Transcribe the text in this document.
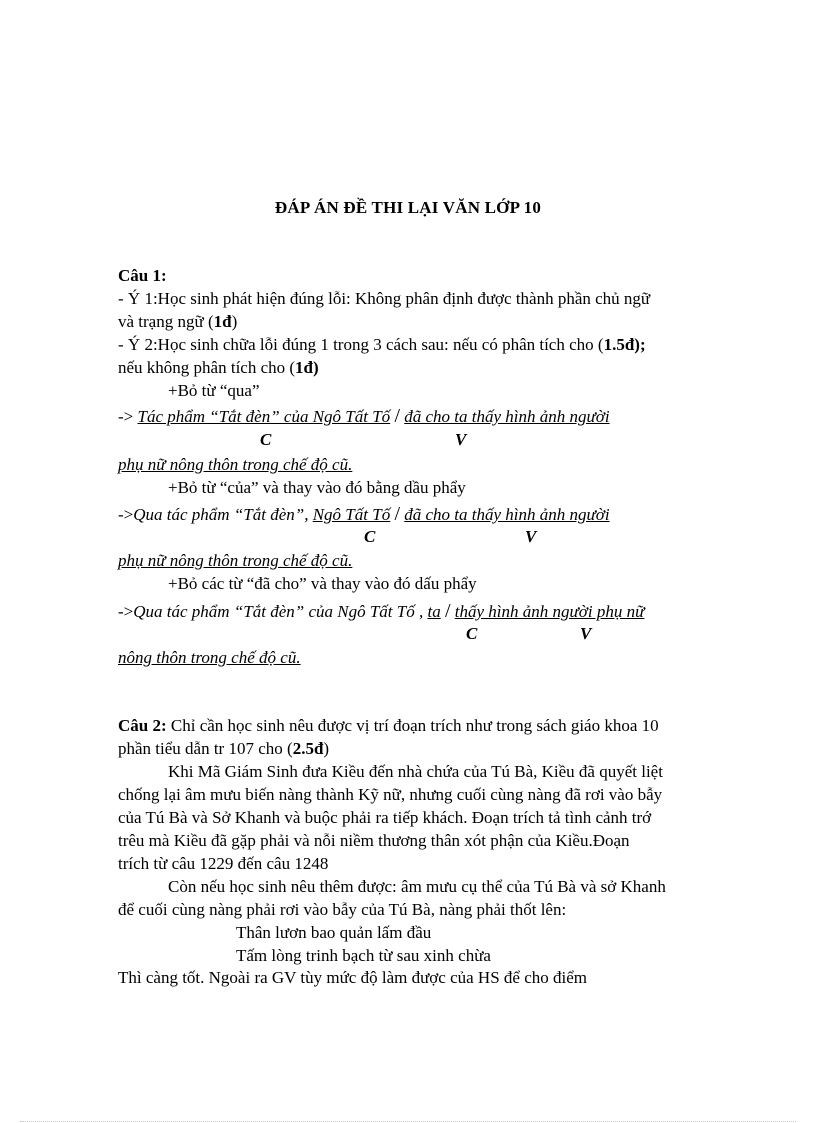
ĐÁP ÁN ĐỀ THI LẠI VĂN LỚP 10
Câu 1:
- Ý 1:Học sinh phát hiện đúng lỗi: Không phân định được thành phần chủ ngữ
và trạng ngữ (1đ)
- Ý 2:Học sinh chữa lỗi đúng 1 trong 3 cách sau: nếu có phân tích cho (1.5đ);
nếu không phân tích cho (1đ)
+Bỏ từ “qua”
-> Tác phẩm “Tắt đèn” của Ngô Tất Tố / đã cho ta thấy hình ảnh người
C	V
phụ nữ nông thôn trong chế độ cũ.
+Bỏ từ “của” và thay vào đó bằng dầu phẩy
->Qua tác phẩm “Tắt đèn”, Ngô Tất Tố / đã cho ta thấy hình ảnh người
C	V
phụ nữ nông thôn trong chế độ cũ.
+Bỏ các từ “đã cho” và thay vào đó dấu phẩy
->Qua tác phẩm “Tắt đèn” của Ngô Tất Tố , ta / thấy hình ảnh người phụ nữ
C	V
nông thôn trong chế độ cũ.
Câu 2: Chỉ cần học sinh nêu được vị trí đoạn trích như trong sách giáo khoa 10
phần tiểu dẫn tr 107 cho (2.5đ)
Khi Mã Giám Sinh đưa Kiều đến nhà chứa của Tú Bà, Kiều đã quyết liệt
chống lại âm mưu biến nàng thành Kỹ nữ, nhưng cuối cùng nàng đã rơi vào bẫy
của Tú Bà và Sở Khanh và buộc phải ra tiếp khách. Đoạn trích tả tình cảnh trớ
trêu mà Kiều đã gặp phải và nỗi niềm thương thân xót phận của Kiều.Đoạn
trích từ câu 1229 đến câu 1248
Còn nếu học sinh nêu thêm được: âm mưu cụ thể của Tú Bà và sở Khanh
để cuối cùng nàng phải rơi vào bẫy của Tú Bà, nàng phải thốt lên:
Thân lươn bao quản lấm đầu
Tấm lòng trinh bạch từ sau xinh chừa
Thì càng tốt. Ngoài ra GV tùy mức độ làm được của HS để cho điểm
